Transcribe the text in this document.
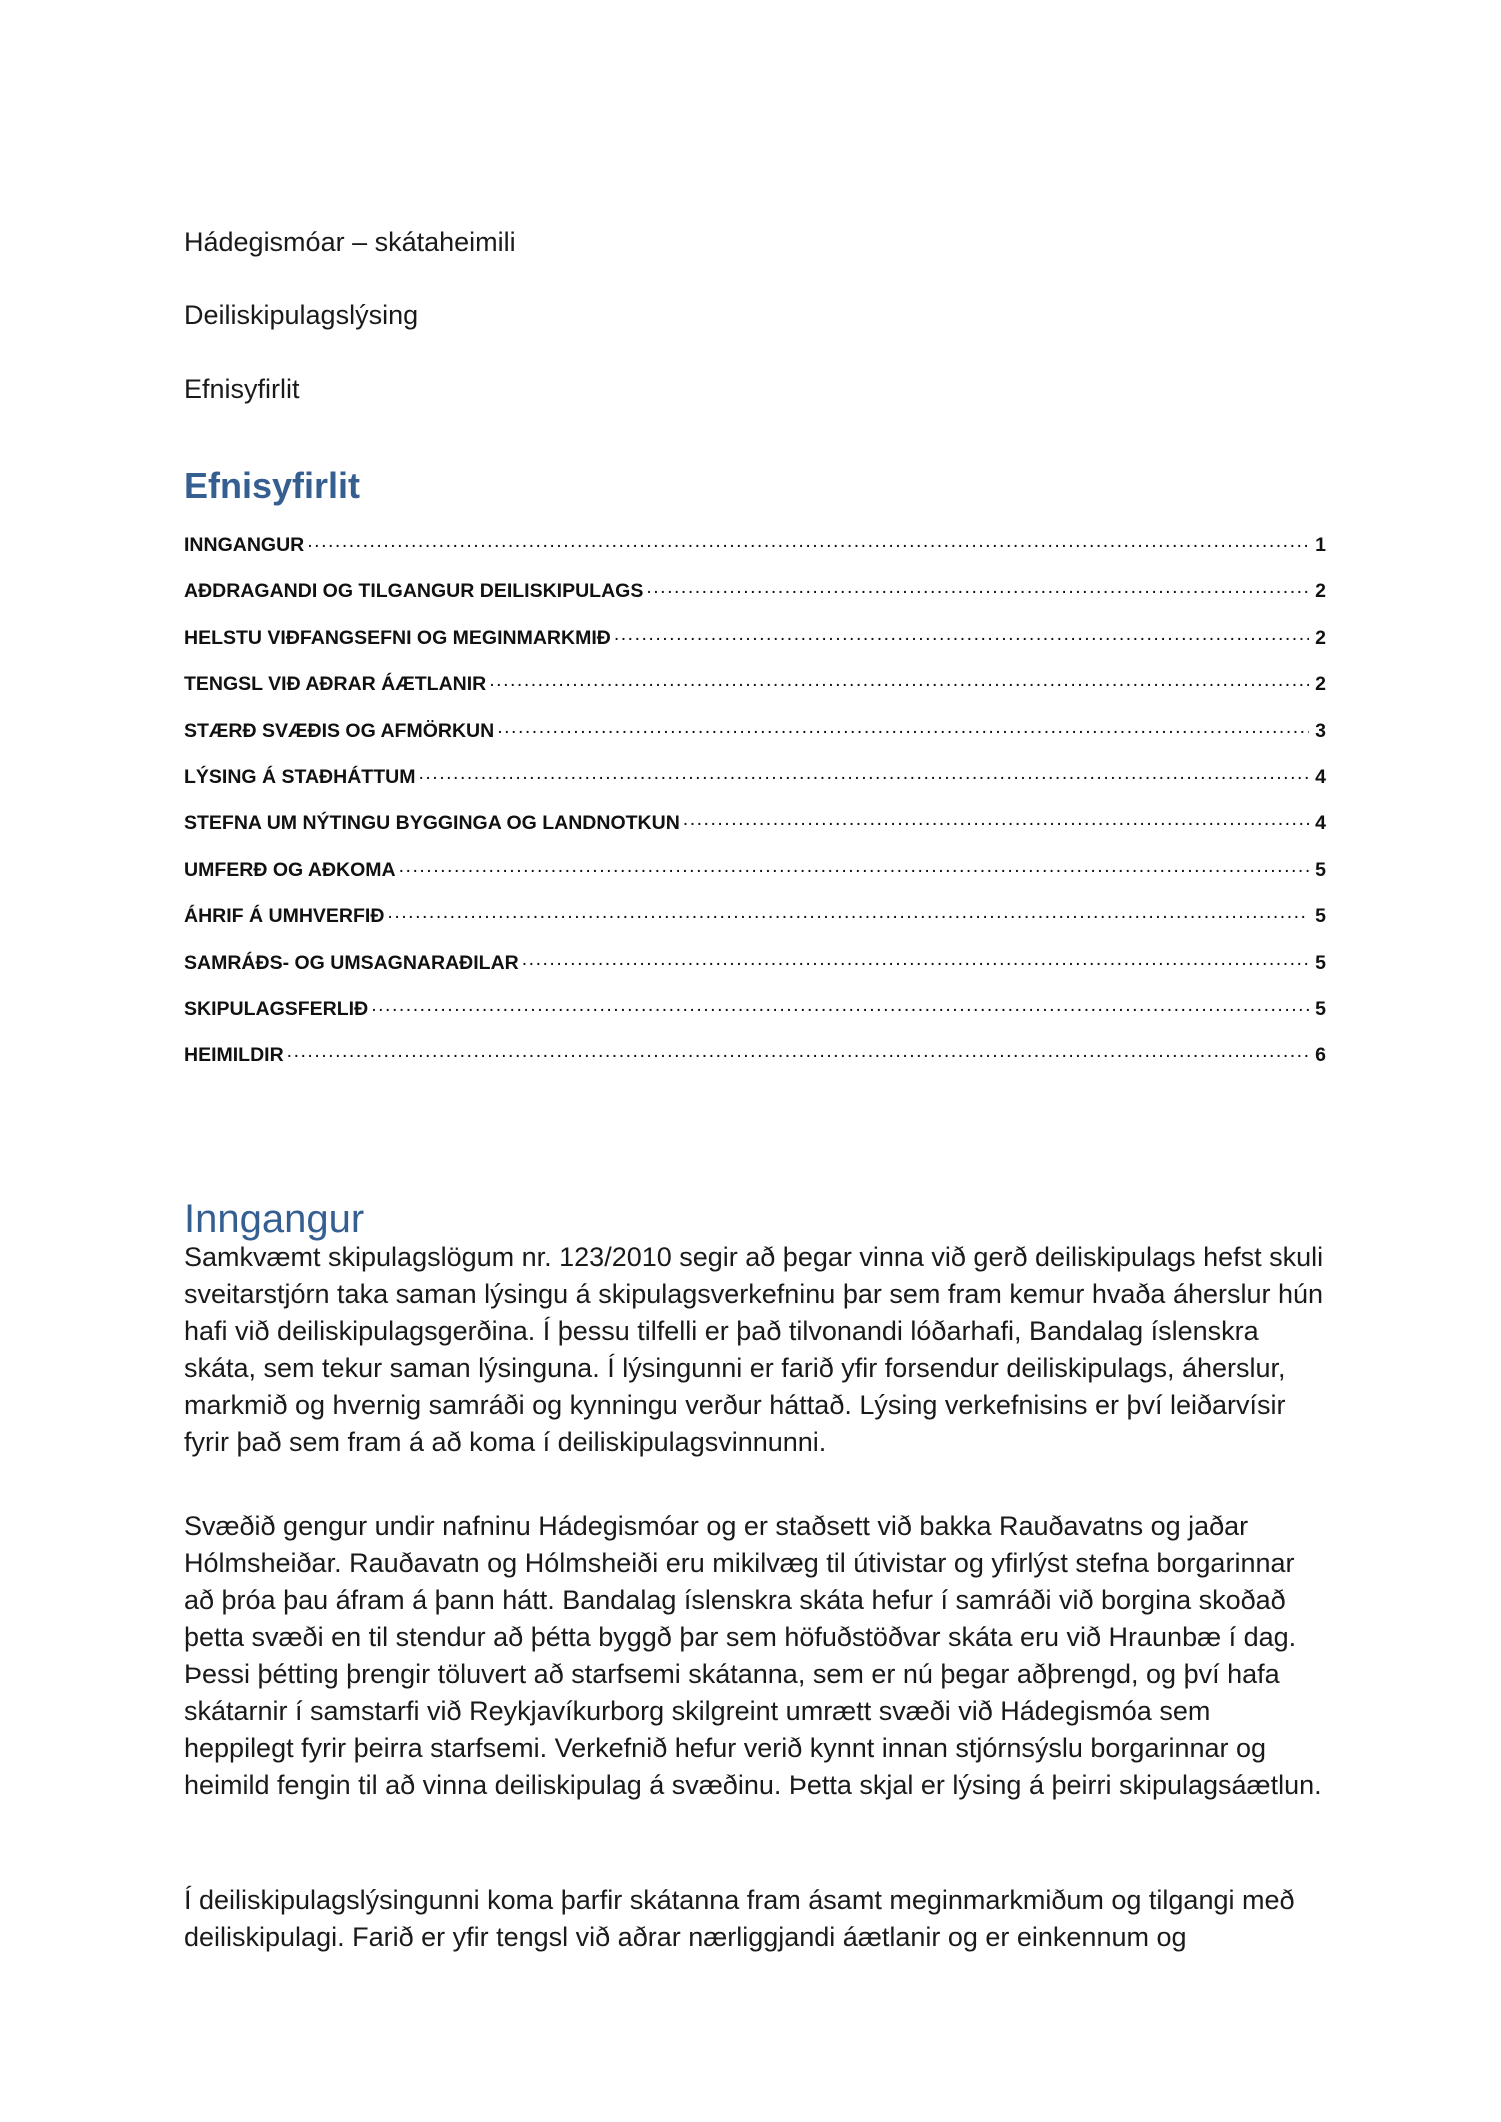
Hádegismóar – skátaheimili

Deiliskipulagslýsing

Efnisyfirlit

Efnisyfirlit
INNGANGUR .....	1
AÐDRAGANDI OG TILGANGUR DEILISKIPULAGS .....	2
HELSTU VIÐFANGSEFNI OG MEGINMARKMIÐ .....	2
TENGSL VIÐ AÐRAR ÁÆTLANIR .....	2
STÆRÐ SVÆÐIS OG AFMÖRKUN .....	3
LÝSING Á STAÐHÁTTUM .....	4
STEFNA UM NÝTINGU BYGGINGA OG LANDNOTKUN .....	4
UMFERÐ OG AÐKOMA .....	5
ÁHRIF Á UMHVERFIÐ .....	5
SAMRÁÐS- OG UMSAGNARAÐILAR .....	5
SKIPULAGSFERLIÐ .....	5
HEIMILDIR .....	6
Inngangur

Samkvæmt skipulagslögum nr. 123/2010 segir að þegar vinna við gerð deiliskipulags hefst skuli sveitarstjórn taka saman lýsingu á skipulagsverkefninu þar sem fram kemur hvaða áherslur hún hafi við deiliskipulagsgerðina. Í þessu tilfelli er það tilvonandi lóðarhafi, Bandalag íslenskra skáta, sem tekur saman lýsinguna. Í lýsingunni er farið yfir forsendur deiliskipulags, áherslur, markmið og hvernig samráði og kynningu verður háttað. Lýsing verkefnisins er því leiðarvísir fyrir það sem fram á að koma í deiliskipulagsvinnunni.

Svæðið gengur undir nafninu Hádegismóar og er staðsett við bakka Rauðavatns og jaðar Hólmsheiðar. Rauðavatn og Hólmsheiði eru mikilvæg til útivistar og yfirlýst stefna borgarinnar að þróa þau áfram á þann hátt. Bandalag íslenskra skáta hefur í samráði við borgina skoðað þetta svæði en til stendur að þétta byggð þar sem höfuðstöðvar skáta eru við Hraunbæ í dag. Þessi þétting þrengir töluvert að starfsemi skátanna, sem er nú þegar aðþrengd, og því hafa skátarnir í samstarfi við Reykjavíkurborg skilgreint umrætt svæði við Hádegismóa sem heppilegt fyrir þeirra starfsemi. Verkefnið hefur verið kynnt innan stjórnsýslu borgarinnar og heimild fengin til að vinna deiliskipulag á svæðinu. Þetta skjal er lýsing á þeirri skipulagsáætlun.

Í deiliskipulagslýsingunni koma þarfir skátanna fram ásamt meginmarkmiðum og tilgangi með deiliskipulagi. Farið er yfir tengsl við aðrar nærliggjandi áætlanir og er einkennum og
